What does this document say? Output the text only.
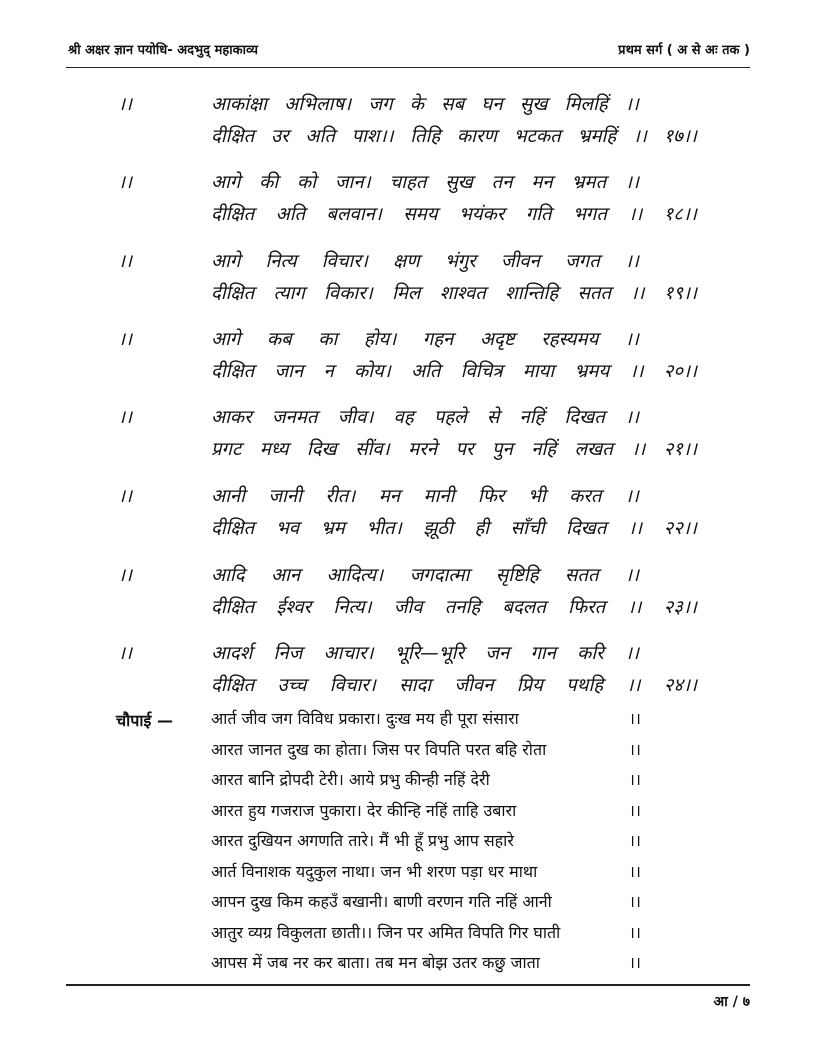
श्री अक्षर ज्ञान पयोधि- अदभुद् महाकाव्य	प्रथम सर्ग ( अ से अः तक )
।।	आकांक्षा अभिलाष। जग के सब घन सुख मिलहिं ।।
दीक्षित उर अति पाश।। तिहि कारण भटकत भ्रमहिं ।। १७।।
।।	आगे की को जान। चाहत सुख तन मन भ्रमत ।।
दीक्षित अति बलवान। समय भयंकर गति भगत ।। १८।।
।।	आगे नित्य विचार। क्षण भंगुर जीवन जगत ।।
दीक्षित त्याग विकार। मिल शाश्वत शान्तिहि सतत ।। १९।।
।।	आगे कब का होय। गहन अदृष्ट रहस्यमय ।।
दीक्षित जान न कोय। अति विचित्र माया भ्रमय ।। २०।।
।।	आकर जनमत जीव। वह पहले से नहिं दिखत ।।
प्रगट मध्य दिख सींव। मरने पर पुन नहिं लखत ।। २१।।
।।	आनी जानी रीत। मन मानी फिर भी करत ।।
दीक्षित भव भ्रम भीत। झूठी ही साँची दिखत ।। २२।।
।।	आदि आन आदित्य। जगदात्मा सृष्टिहि सतत ।।
दीक्षित ईश्वर नित्य। जीव तनहि बदलत फिरत ।। २३।।
।।	आदर्श निज आचार। भूरि—भूरि जन गान करि ।।
दीक्षित उच्च विचार। सादा जीवन प्रिय पथहि ।। २४।।
चौपाई — आर्त जीव जग विविध प्रकारा। दुःख मय ही पूरा संसारा	।।
आरत जानत दुख का होता। जिस पर विपति परत बहि रोता	।।
आरत बानि द्रोपदी टेरी। आये प्रभु कीन्ही नहिं देरी	।।
आरत हुय गजराज पुकारा। देर कीन्हि नहिं ताहि उबारा	।।
आरत दुखियन अगणति तारे। मैं भी हूँ प्रभु आप सहारे	।।
आर्त विनाशक यदुकुल नाथा। जन भी शरण पड़ा धर माथा	।।
आपन दुख किम कहउँ बखानी। बाणी वरणन गति नहिं आनी	।।
आतुर व्यग्र विकुलता छाती।। जिन पर अमित विपति गिर घाती	।।
आपस में जब नर कर बाता। तब मन बोझ उतर कछु जाता	।।
आ / ७
